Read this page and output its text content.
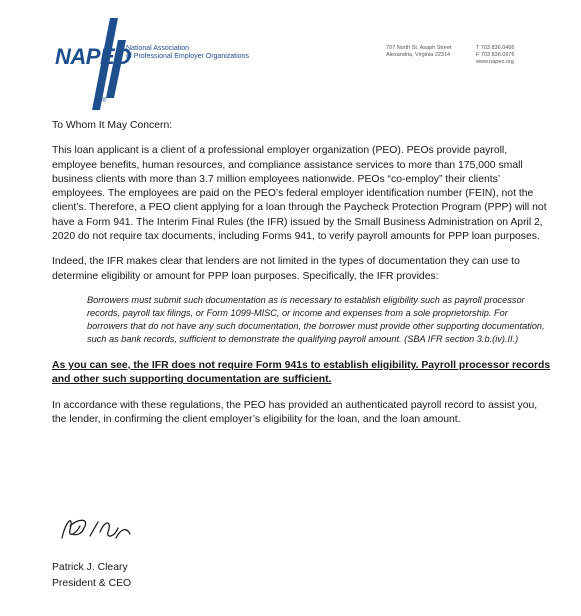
NAPEO
®
National Association
of Professional Employer Organizations
707 North St. Asaph Street
Alexandria, Virginia 22314
T 703 836.0466
F 703 836.0976
www.napeo.org

To Whom It May Concern:

This loan applicant is a client of a professional employer organization (PEO). PEOs provide payroll, employee benefits, human resources, and compliance assistance services to more than 175,000 small business clients with more than 3.7 million employees nationwide. PEOs “co-employ” their clients’ employees. The employees are paid on the PEO’s federal employer identification number (FEIN), not the client’s. Therefore, a PEO client applying for a loan through the Paycheck Protection Program (PPP) will not have a Form 941. The Interim Final Rules (the IFR) issued by the Small Business Administration on April 2, 2020 do not require tax documents, including Forms 941, to verify payroll amounts for PPP loan purposes.

Indeed, the IFR makes clear that lenders are not limited in the types of documentation they can use to determine eligibility or amount for PPP loan purposes. Specifically, the IFR provides:

Borrowers must submit such documentation as is necessary to establish eligibility such as payroll processor records, payroll tax filings, or Form 1099-MISC, or income and expenses from a sole proprietorship. For borrowers that do not have any such documentation, the borrower must provide other supporting documentation, such as bank records, sufficient to demonstrate the qualifying payroll amount. (SBA IFR section 3.b.(iv).II.)

As you can see, the IFR does not require Form 941s to establish eligibility. Payroll processor records and other such supporting documentation are sufficient.

In accordance with these regulations, the PEO has provided an authenticated payroll record to assist you, the lender, in confirming the client employer’s eligibility for the loan, and the loan amount.

Patrick J. Cleary
President & CEO
